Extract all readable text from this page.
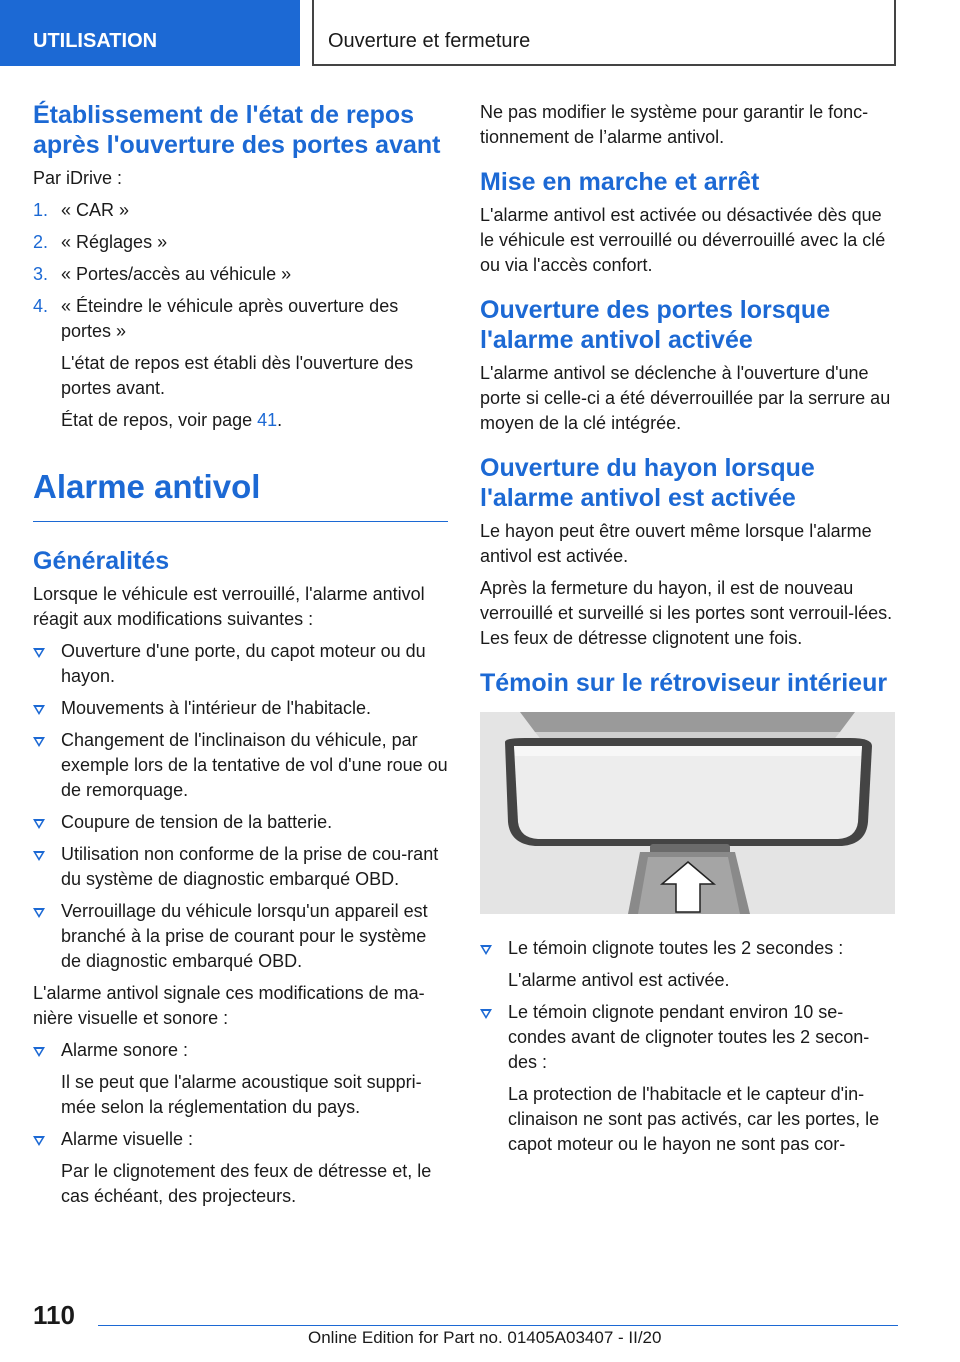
UTILISATION	Ouverture et fermeture
Établissement de l'état de repos après l'ouverture des portes avant

Par iDrive :

1. « CAR »
2. « Réglages »
3. « Portes/accès au véhicule »
4. « Éteindre le véhicule après ouverture des portes »
L'état de repos est établi dès l'ouverture des portes avant.
État de repos, voir page 41.
Alarme antivol
Généralités

Lorsque le véhicule est verrouillé, l'alarme antivol réagit aux modifications suivantes :

Ouverture d'une porte, du capot moteur ou du hayon.
Mouvements à l'intérieur de l'habitacle.
Changement de l'inclinaison du véhicule, par exemple lors de la tentative de vol d'une roue ou de remorquage.
Coupure de tension de la batterie.
Utilisation non conforme de la prise de cou-rant du système de diagnostic embarqué OBD.
Verrouillage du véhicule lorsqu'un appareil est branché à la prise de courant pour le système de diagnostic embarqué OBD.

L'alarme antivol signale ces modifications de ma-nière visuelle et sonore :

Alarme sonore :
Il se peut que l'alarme acoustique soit suppri-mée selon la réglementation du pays.
Alarme visuelle :
Par le clignotement des feux de détresse et, le cas échéant, des projecteurs.

Ne pas modifier le système pour garantir le fonc-tionnement de l’alarme antivol.

Mise en marche et arrêt

L'alarme antivol est activée ou désactivée dès que le véhicule est verrouillé ou déverrouillé avec la clé ou via l'accès confort.

Ouverture des portes lorsque l'alarme antivol activée

L'alarme antivol se déclenche à l'ouverture d'une porte si celle-ci a été déverrouillée par la serrure au moyen de la clé intégrée.

Ouverture du hayon lorsque l'alarme antivol est activée

Le hayon peut être ouvert même lorsque l'alarme antivol est activée.

Après la fermeture du hayon, il est de nouveau verrouillé et surveillé si les portes sont verrouil-lées. Les feux de détresse clignotent une fois.

Témoin sur le rétroviseur intérieur
Le témoin clignote toutes les 2 secondes :
L'alarme antivol est activée.
Le témoin clignote pendant environ 10 se-condes avant de clignoter toutes les 2 secon-des :
La protection de l'habitacle et le capteur d'in-clinaison ne sont pas activés, car les portes, le capot moteur ou le hayon ne sont pas cor-
110
Online Edition for Part no. 01405A03407 - II/20
